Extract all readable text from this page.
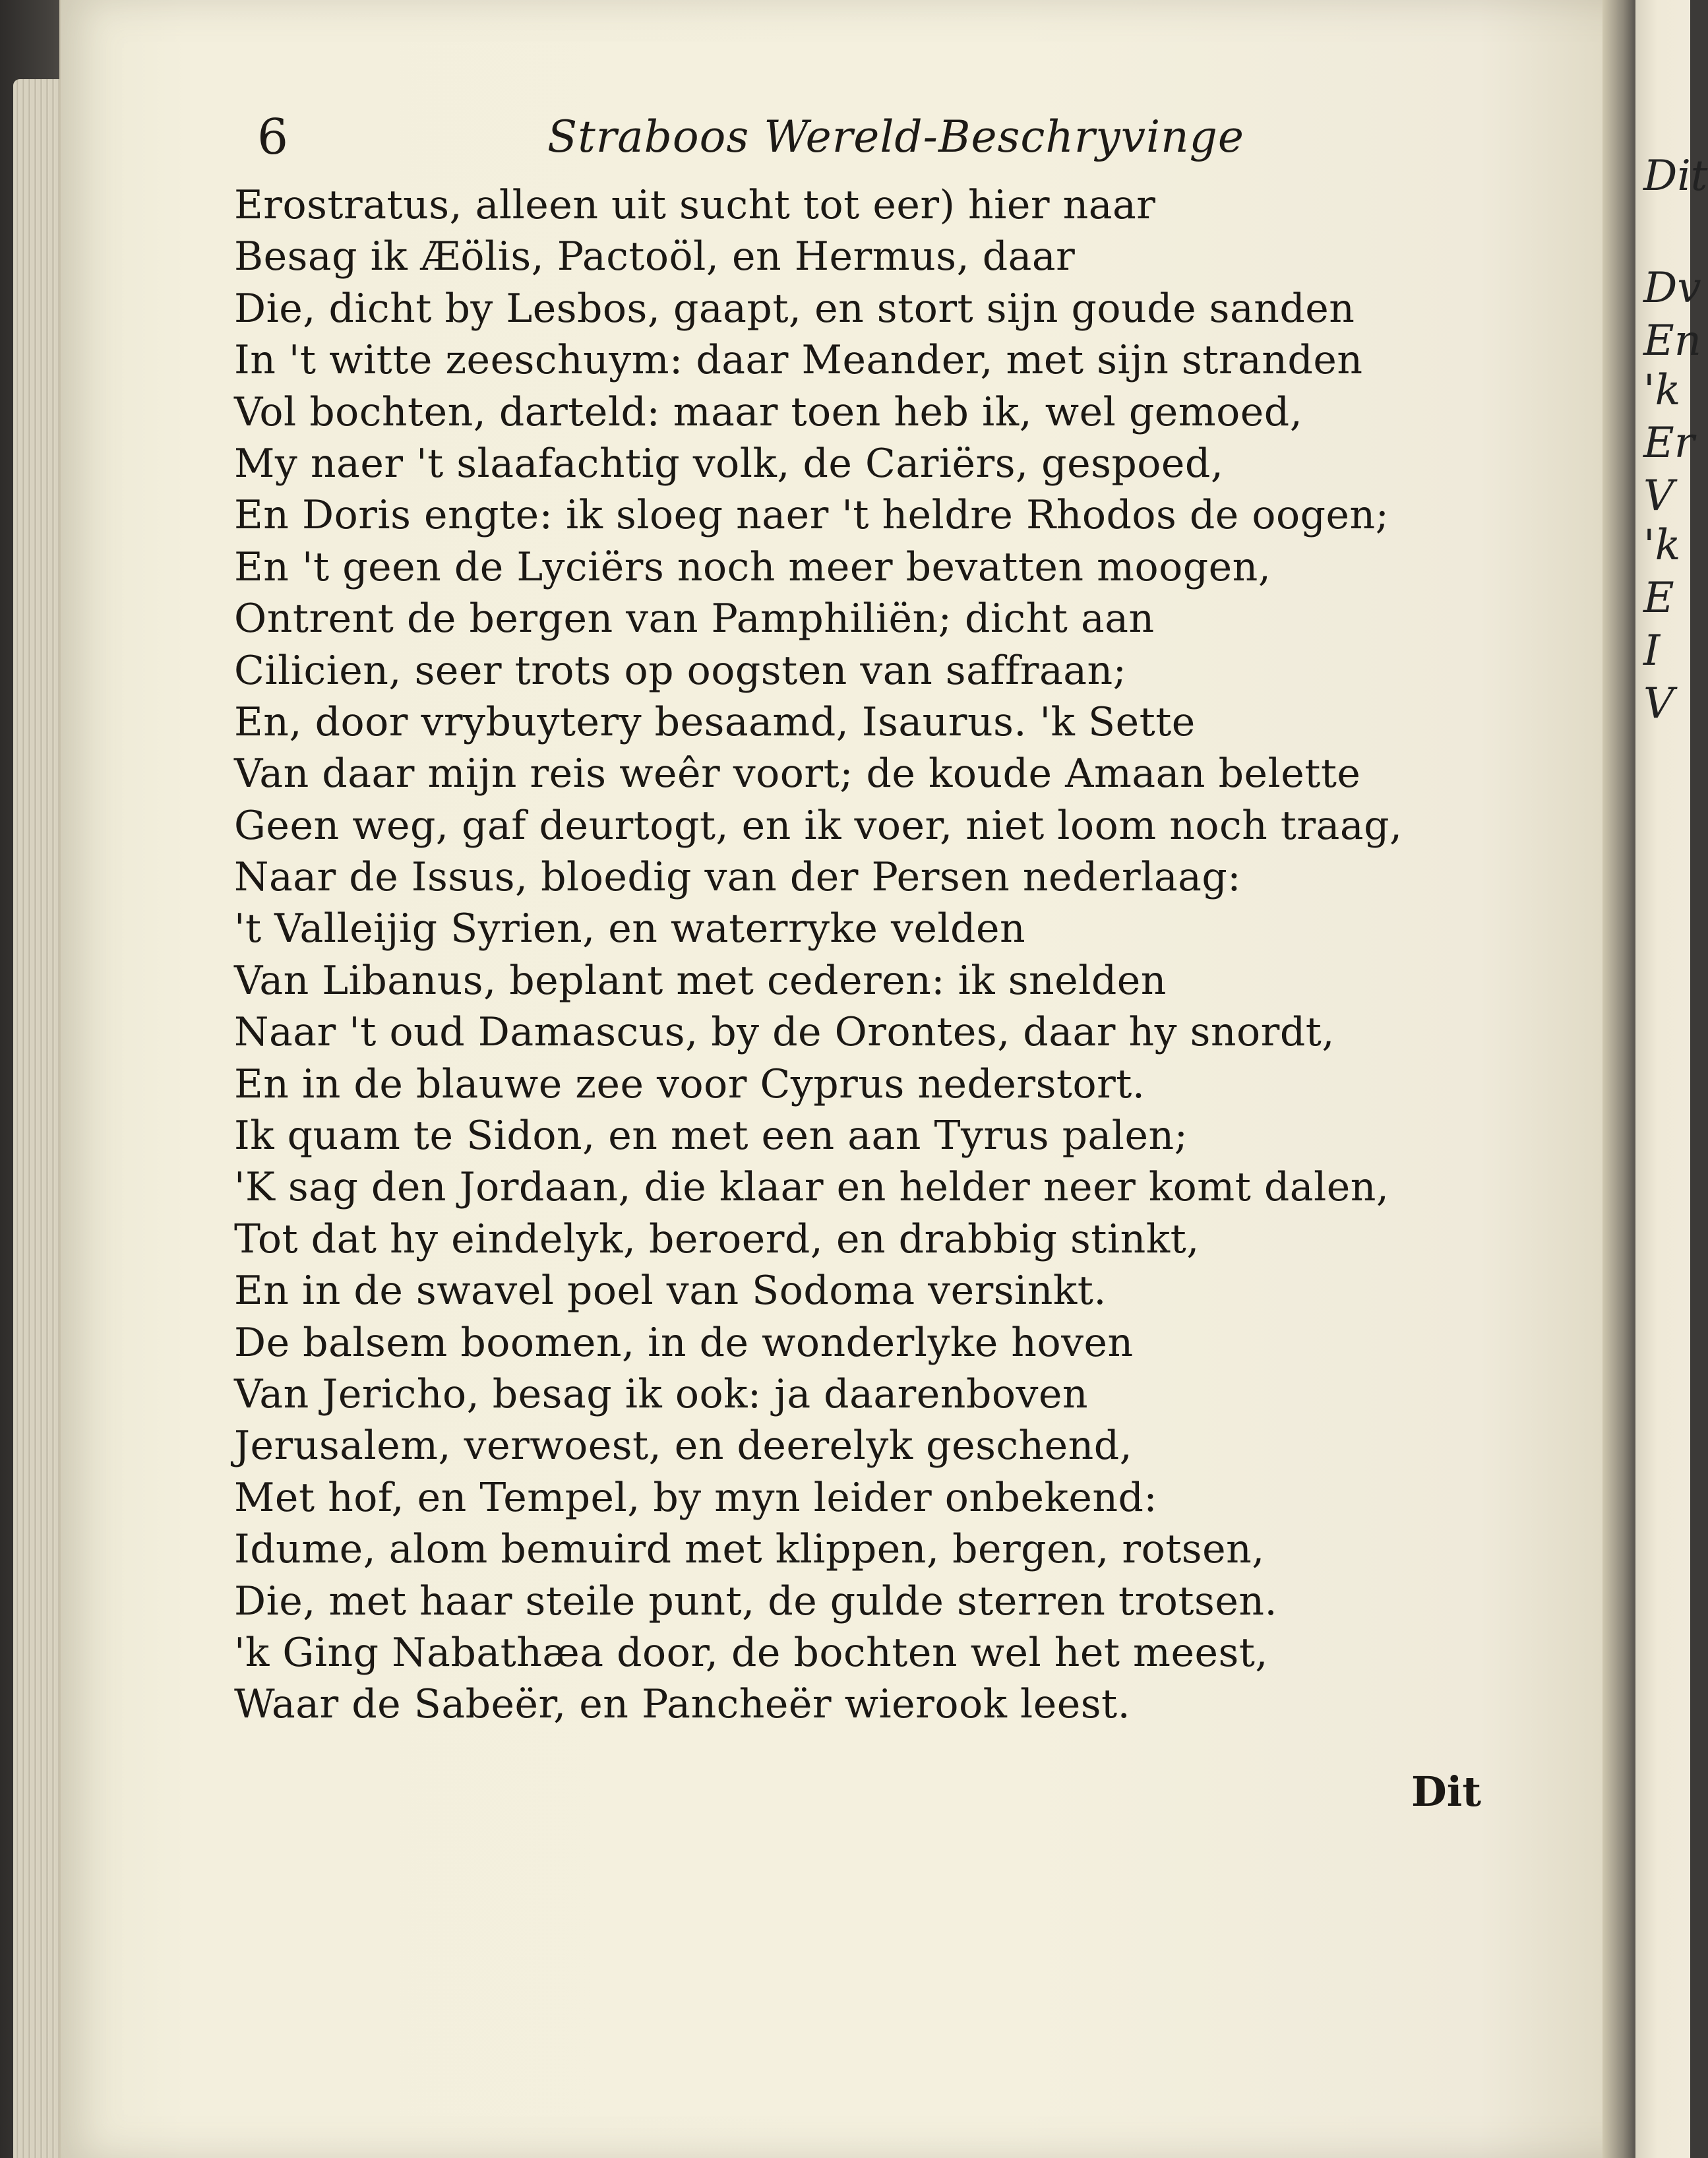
6	Straboos Wereld-Beschryvinge
Erostratus, alleen uit sucht tot eer) hier naar
Besag ik Æölis, Pactoöl, en Hermus, daar
Die, dicht by Lesbos, gaapt, en stort sijn goude sanden
In 't witte zeeschuym: daar Meander, met sijn stranden
Vol bochten, darteld: maar toen heb ik, wel gemoed,
My naer 't slaafachtig volk, de Cariërs, gespoed,
En Doris engte: ik sloeg naer 't heldre Rhodos de oogen;
En 't geen de Lyciërs noch meer bevatten moogen,
Ontrent de bergen van Pamphiliën; dicht aan
Cilicien, seer trots op oogsten van saffraan;
En, door vrybuytery besaamd, Isaurus. 'k Sette
Van daar mijn reis weêr voort; de koude Amaan belette
Geen weg, gaf deurtogt, en ik voer, niet loom noch traag,
Naar de Issus, bloedig van der Persen nederlaag:
't Valleijig Syrien, en waterryke velden
Van Libanus, beplant met cederen: ik snelden
Naar 't oud Damascus, by de Orontes, daar hy snordt,
En in de blauwe zee voor Cyprus nederstort.
Ik quam te Sidon, en met een aan Tyrus palen;
'K sag den Jordaan, die klaar en helder neer komt dalen,
Tot dat hy eindelyk, beroerd, en drabbig stinkt,
En in de swavel poel van Sodoma versinkt.
De balsem boomen, in de wonderlyke hoven
Van Jericho, besag ik ook: ja daarenboven
Jerusalem, verwoest, en deerelyk geschend,
Met hof, en Tempel, by myn leider onbekend:
Idume, alom bemuird met klippen, bergen, rotsen,
Die, met haar steile punt, de gulde sterren trotsen.
'k Ging Nabathæa door, de bochten wel het meest,
Waar de Sabeër, en Pancheër wierook leest.
Dit
Dit
Dv
En
'k
Er
V
'k
E
I
V
